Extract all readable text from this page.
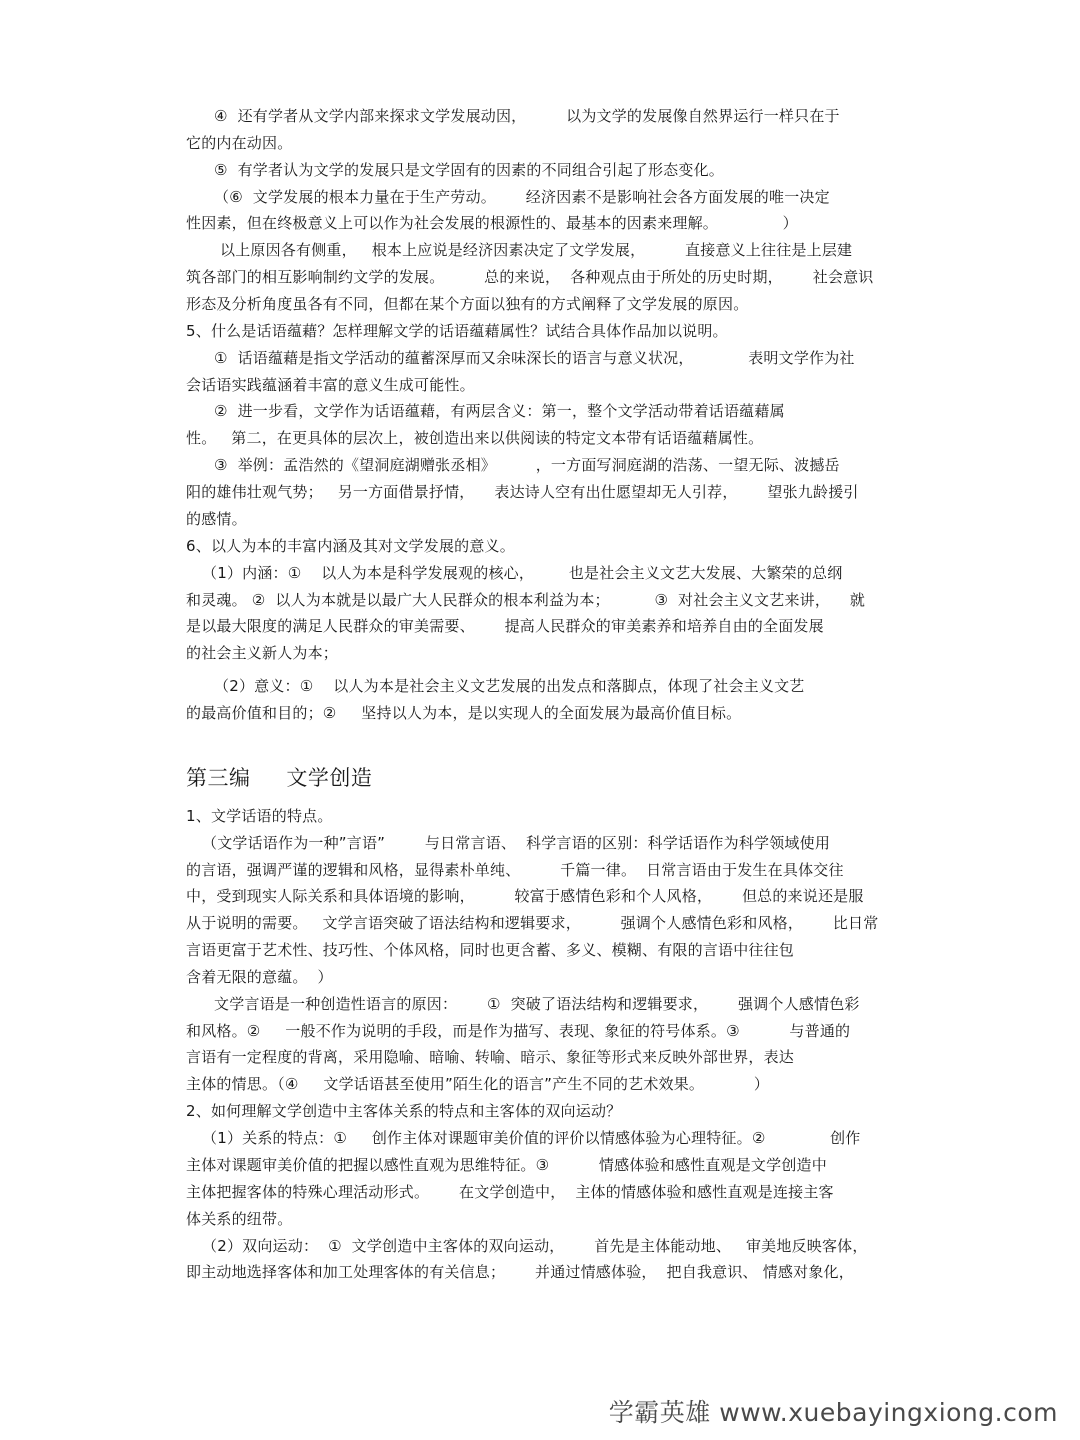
④  还有学者从文学内部来探求文学发展动因，        以为文学的发展像自然界运行一样只在于
它的内在动因。
⑤  有学者认为文学的发展只是文学固有的因素的不同组合引起了形态变化。
（⑥  文学发展的根本力量在于生产劳动。      经济因素不是影响社会各方面发展的唯一决定
性因素，但在终极意义上可以作为社会发展的根源性的、最基本的因素来理解。             ）
以上原因各有侧重，   根本上应说是经济因素决定了文学发展，        直接意义上往往是上层建
筑各部门的相互影响制约文学的发展。        总的来说，  各种观点由于所处的历史时期，      社会意识
形态及分析角度虽各有不同，但都在某个方面以独有的方式阐释了文学发展的原因。
5、什么是话语蕴藉？怎样理解文学的话语蕴藉属性？试结合具体作品加以说明。
①  话语蕴藉是指文学活动的蕴蓄深厚而又余味深长的语言与意义状况，           表明文学作为社
会话语实践蕴涵着丰富的意义生成可能性。
②  进一步看，文学作为话语蕴藉，有两层含义：第一，整个文学活动带着话语蕴藉属
性。   第二，在更具体的层次上，被创造出来以供阅读的特定文本带有话语蕴藉属性。
③  举例：孟浩然的《望洞庭湖赠张丞相》        ，一方面写洞庭湖的浩荡、一望无际、波撼岳
阳的雄伟壮观气势；   另一方面借景抒情，    表达诗人空有出仕愿望却无人引荐，      望张九龄援引
的感情。
6、以人为本的丰富内涵及其对文学发展的意义。
（1）内涵：①    以人为本是科学发展观的核心，       也是社会主义文艺大发展、大繁荣的总纲
和灵魂。 ②  以人为本就是以最广大人民群众的根本利益为本；         ③  对社会主义文艺来讲，    就
是以最大限度的满足人民群众的审美需要、      提高人民群众的审美素养和培养自由的全面发展
的社会主义新人为本；
（2）意义：①    以人为本是社会主义文艺发展的出发点和落脚点，体现了社会主义文艺
的最高价值和目的；②     坚持以人为本，是以实现人的全面发展为最高价值目标。
第三编     文学创造
1、文学话语的特点。
（文学话语作为一种”言语”        与日常言语、  科学言语的区别：科学话语作为科学领域使用
的言语，强调严谨的逻辑和风格，显得素朴单纯、        千篇一律。  日常言语由于发生在具体交往
中，受到现实人际关系和具体语境的影响，        较富于感情色彩和个人风格，      但总的来说还是服
从于说明的需要。   文学言语突破了语法结构和逻辑要求，        强调个人感情色彩和风格，      比日常
言语更富于艺术性、技巧性、个体风格，同时也更含蓄、多义、模糊、有限的言语中往往包
含着无限的意蕴。  ）
文学言语是一种创造性语言的原因：      ①  突破了语法结构和逻辑要求，      强调个人感情色彩
和风格。②     一般不作为说明的手段，而是作为描写、表现、象征的符号体系。③          与普通的
言语有一定程度的背离，采用隐喻、暗喻、转喻、暗示、象征等形式来反映外部世界，表达
主体的情思。（④     文学话语甚至使用”陌生化的语言”产生不同的艺术效果。          ）
2、如何理解文学创造中主客体关系的特点和主客体的双向运动？
（1）关系的特点：①     创作主体对课题审美价值的评价以情感体验为心理特征。②             创作
主体对课题审美价值的把握以感性直观为思维特征。③          情感体验和感性直观是文学创造中
主体把握客体的特殊心理活动形式。      在文学创造中，  主体的情感体验和感性直观是连接主客
体关系的纽带。
（2）双向运动：  ①  文学创造中主客体的双向运动，      首先是主体能动地、   审美地反映客体，
即主动地选择客体和加工处理客体的有关信息；      并通过情感体验，  把自我意识、 情感对象化，
学霸英雄 www.xuebayingxiong.com
